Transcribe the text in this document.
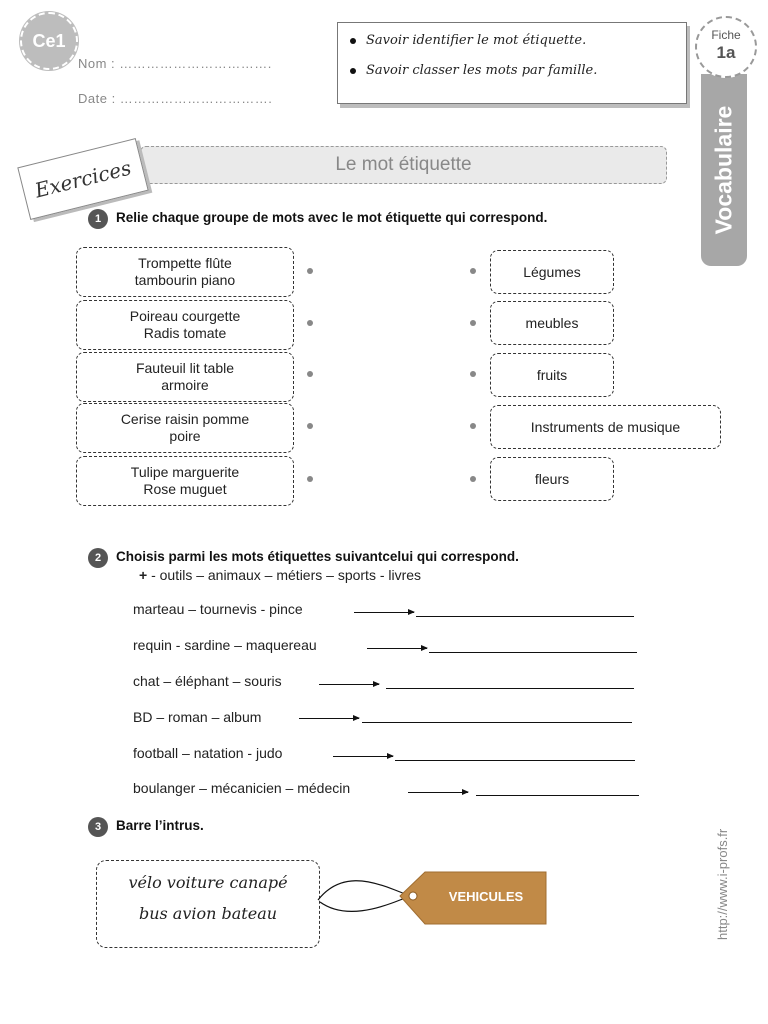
Ce1
Nom : …………………………….
Date : …………………………….
Savoir identifier le mot étiquette.
Savoir classer les mots par famille.
Vocabulaire
Fiche
1a
Le mot étiquette
Exercices
1	Relie chaque groupe de mots avec le mot étiquette qui correspond.
Trompette flûte
tambourin piano
Poireau courgette
Radis tomate
Fauteuil lit table
armoire
Cerise raisin pomme
poire
Tulipe marguerite
Rose muguet
Légumes
meubles
fruits
Instruments de musique
fleurs
2	Choisis parmi les mots étiquettes suivantcelui qui correspond.
+ - outils – animaux – métiers – sports - livres
marteau – tournevis - pince
requin - sardine – maquereau
chat – éléphant – souris
BD – roman – album
football – natation - judo
boulanger – mécanicien – médecin
3	Barre l’intrus.
vélo voiture canapé
bus avion bateau
VEHICULES	http://www.i-profs.fr
